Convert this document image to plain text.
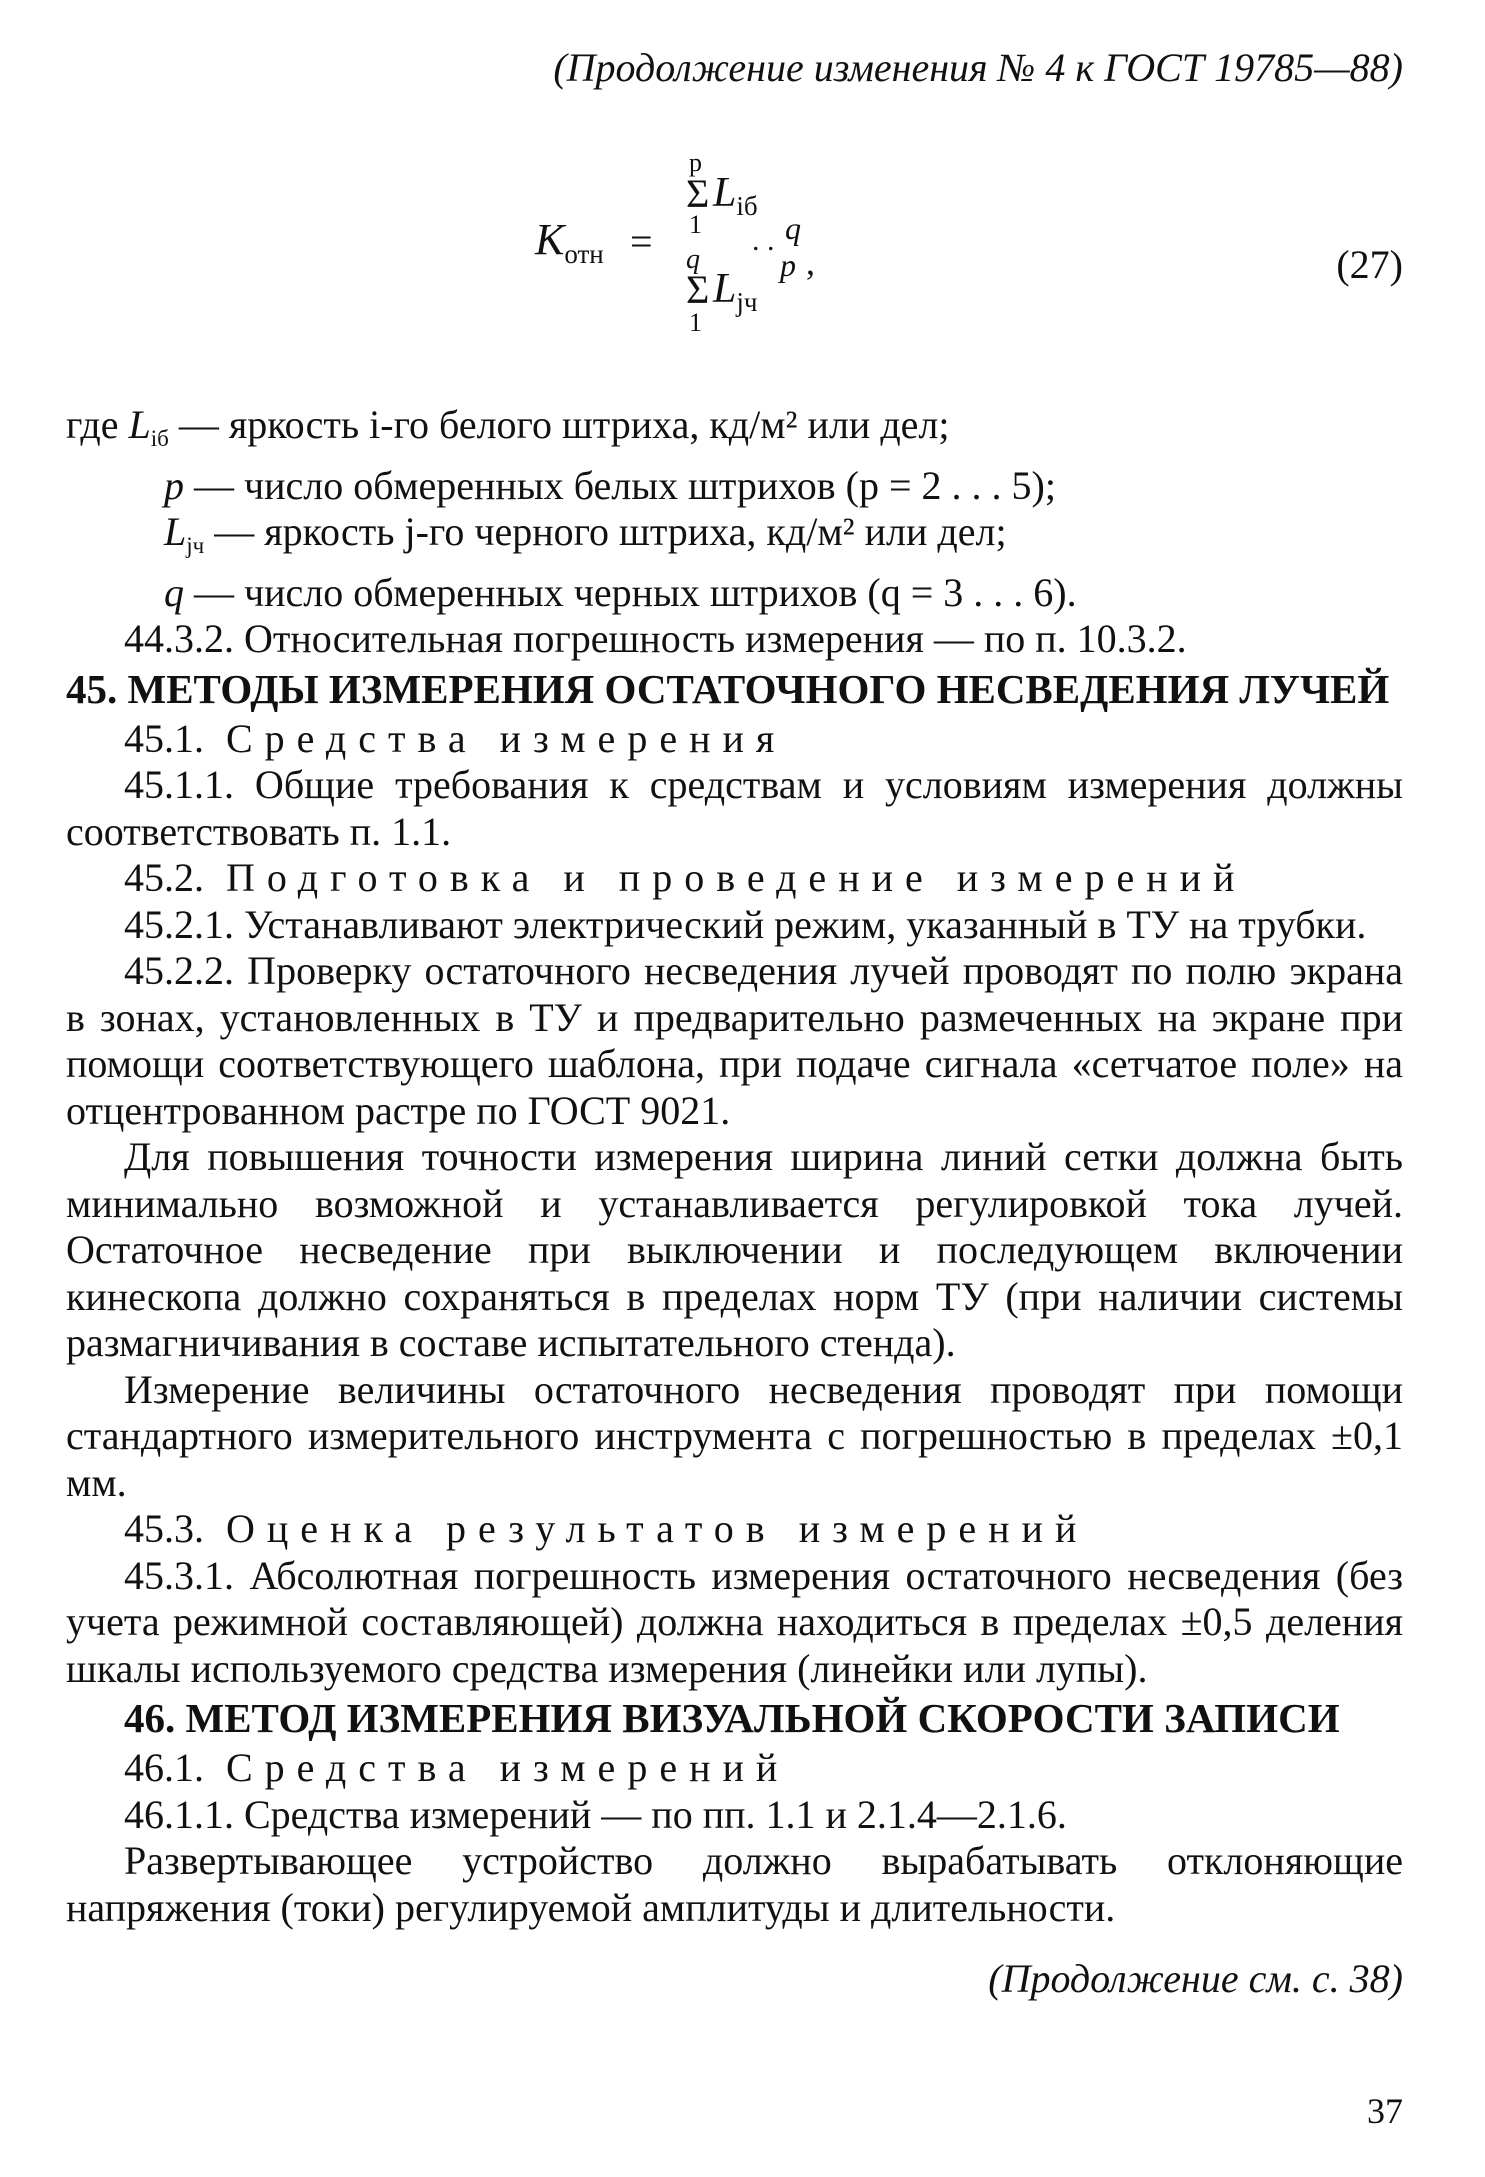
(Продолжение изменения № 4 к ГОСТ 19785—88)
$K_{отн}$ =
p
Σ $L_{iб}$
1	q
. .
p ,
q
Σ $L_{jч}$
1
(27)

где $L_{iб}$ — яркость i-го белого штриха, кд/м² или дел;

p — число обмеренных белых штрихов (p = 2 . . . 5);

$L_{jч}$ — яркость j-го черного штриха, кд/м² или дел;

q — число обмеренных черных штрихов (q = 3 . . . 6).

44.3.2. Относительная погрешность измерения — по п. 10.3.2.

45. МЕТОДЫ ИЗМЕРЕНИЯ ОСТАТОЧНОГО НЕСВЕДЕНИЯ ЛУЧЕЙ

45.1. Средства измерения

45.1.1. Общие требования к средствам и условиям измерения должны соответствовать п. 1.1.

45.2. Подготовка и проведение измерений

45.2.1. Устанавливают электрический режим, указанный в ТУ на трубки.

45.2.2. Проверку остаточного несведения лучей проводят по полю экрана в зонах, установленных в ТУ и предварительно размеченных на экране при помощи соответствующего шаблона, при подаче сигнала «сетчатое поле» на отцентрованном растре по ГОСТ 9021.

Для повышения точности измерения ширина линий сетки должна быть минимально возможной и устанавливается регулировкой тока лучей. Остаточное несведение при выключении и последующем включении кинескопа должно сохраняться в пределах норм ТУ (при наличии системы размагничивания в составе испытательного стенда).

Измерение величины остаточного несведения проводят при помощи стандартного измерительного инструмента с погрешностью в пределах ±0,1 мм.

45.3. Оценка результатов измерений

45.3.1. Абсолютная погрешность измерения остаточного несведения (без учета режимной составляющей) должна находиться в пределах ±0,5 деления шкалы используемого средства измерения (линейки или лупы).

46. МЕТОД ИЗМЕРЕНИЯ ВИЗУАЛЬНОЙ СКОРОСТИ ЗАПИСИ

46.1. Средства измерений

46.1.1. Средства измерений — по пп. 1.1 и 2.1.4—2.1.6.

Развертывающее устройство должно вырабатывать отклоняющие напряжения (токи) регулируемой амплитуды и длительности.

(Продолжение см. с. 38)
37
